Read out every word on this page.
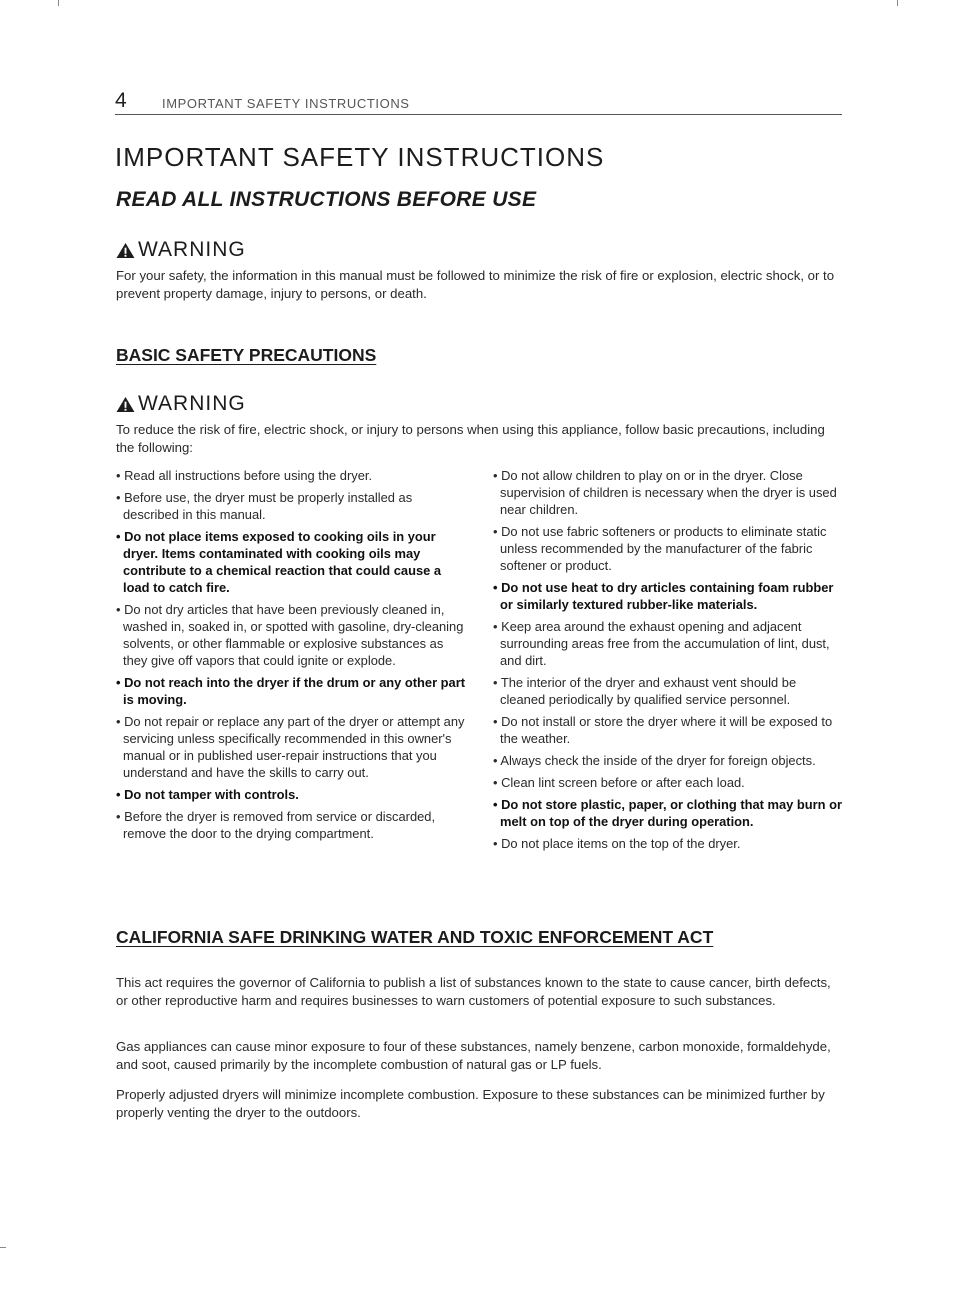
4	IMPORTANT SAFETY INSTRUCTIONS
IMPORTANT SAFETY INSTRUCTIONS
READ ALL INSTRUCTIONS BEFORE USE
WARNING
For your safety, the information in this manual must be followed to minimize the risk of fire or explosion, electric shock, or to prevent property damage, injury to persons, or death.
BASIC SAFETY PRECAUTIONS
WARNING
To reduce the risk of fire, electric shock, or injury to persons when using this appliance, follow basic precautions, including the following:
• Read all instructions before using the dryer.
• Before use, the dryer must be properly installed as described in this manual.
• Do not place items exposed to cooking oils in your dryer. Items contaminated with cooking oils may contribute to a chemical reaction that could cause a load to catch fire.
• Do not dry articles that have been previously cleaned in, washed in, soaked in, or spotted with gasoline, dry-cleaning solvents, or other flammable or explosive substances as they give off vapors that could ignite or explode.
• Do not reach into the dryer if the drum or any other part is moving.
• Do not repair or replace any part of the dryer or attempt any servicing unless specifically recommended in this owner's manual or in published user-repair instructions that you understand and have the skills to carry out.
• Do not tamper with controls.
• Before the dryer is removed from service or discarded, remove the door to the drying compartment.
• Do not allow children to play on or in the dryer. Close supervision of children is necessary when the dryer is used near children.
• Do not use fabric softeners or products to eliminate static unless recommended by the manufacturer of the fabric softener or product.
• Do not use heat to dry articles containing foam rubber or similarly textured rubber-like materials.
• Keep area around the exhaust opening and adjacent surrounding areas free from the accumulation of lint, dust, and dirt.
• The interior of the dryer and exhaust vent should be cleaned periodically by qualified service personnel.
• Do not install or store the dryer where it will be exposed to the weather.
• Always check the inside of the dryer for foreign objects.
• Clean lint screen before or after each load.
• Do not store plastic, paper, or clothing that may burn or melt on top of the dryer during operation.
• Do not place items on the top of the dryer.
CALIFORNIA SAFE DRINKING WATER AND TOXIC ENFORCEMENT ACT
This act requires the governor of California to publish a list of substances known to the state to cause cancer, birth defects, or other reproductive harm and requires businesses to warn customers of potential exposure to such substances.
Gas appliances can cause minor exposure to four of these substances, namely benzene, carbon monoxide, formaldehyde, and soot, caused primarily by the incomplete combustion of natural gas or LP fuels.
Properly adjusted dryers will minimize incomplete combustion. Exposure to these substances can be minimized further by properly venting the dryer to the outdoors.
